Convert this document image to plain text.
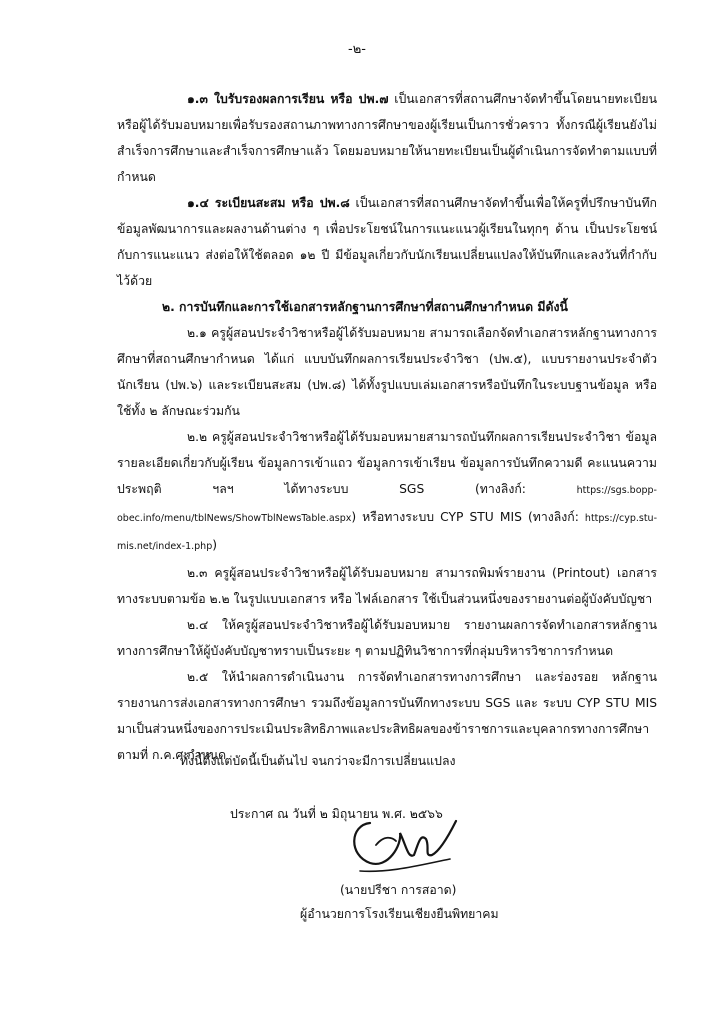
-๒-

๑.๓ ใบรับรองผลการเรียน หรือ ปพ.๗ เป็นเอกสารที่สถานศึกษาจัดทำขึ้นโดยนายทะเบียน หรือผู้ได้รับมอบหมายเพื่อรับรองสถานภาพทางการศึกษาของผู้เรียนเป็นการชั่วคราว ทั้งกรณีผู้เรียนยังไม่สำเร็จการศึกษาและสำเร็จการศึกษาแล้ว โดยมอบหมายให้นายทะเบียนเป็นผู้ดำเนินการจัดทำตามแบบที่กำหนด

๑.๔ ระเบียนสะสม หรือ ปพ.๘ เป็นเอกสารที่สถานศึกษาจัดทำขึ้นเพื่อให้ครูที่ปรึกษาบันทึกข้อมูลพัฒนาการและผลงานด้านต่าง ๆ เพื่อประโยชน์ในการแนะแนวผู้เรียนในทุกๆ ด้าน เป็นประโยชน์กับการแนะแนว ส่งต่อให้ใช้ตลอด ๑๒ ปี มีข้อมูลเกี่ยวกับนักเรียนเปลี่ยนแปลงให้บันทึกและลงวันที่กำกับไว้ด้วย

๒. การบันทึกและการใช้เอกสารหลักฐานการศึกษาที่สถานศึกษากำหนด มีดังนี้

๒.๑ ครูผู้สอนประจำวิชาหรือผู้ได้รับมอบหมาย สามารถเลือกจัดทำเอกสารหลักฐานทางการศึกษาที่สถานศึกษากำหนด ได้แก่ แบบบันทึกผลการเรียนประจำวิชา (ปพ.๕), แบบรายงานประจำตัวนักเรียน (ปพ.๖) และระเบียนสะสม (ปพ.๘) ได้ทั้งรูปแบบเล่มเอกสารหรือบันทึกในระบบฐานข้อมูล หรือใช้ทั้ง ๒ ลักษณะร่วมกัน

๒.๒ ครูผู้สอนประจำวิชาหรือผู้ได้รับมอบหมายสามารถบันทึกผลการเรียนประจำวิชา ข้อมูลรายละเอียดเกี่ยวกับผู้เรียน ข้อมูลการเข้าแถว ข้อมูลการเข้าเรียน ข้อมูลการบันทึกความดี คะแนนความประพฤติ ฯลฯ ได้ทางระบบ SGS (ทางลิงก์: https://sgs.bopp-obec.info/menu/tblNews/ShowTblNewsTable.aspx) หรือทางระบบ CYP STU MIS (ทางลิงก์: https://cyp.stu-mis.net/index-1.php)

๒.๓ ครูผู้สอนประจำวิชาหรือผู้ได้รับมอบหมาย สามารถพิมพ์รายงาน (Printout) เอกสารทางระบบตามข้อ ๒.๒ ในรูปแบบเอกสาร หรือ ไฟล์เอกสาร ใช้เป็นส่วนหนึ่งของรายงานต่อผู้บังคับบัญชา

๒.๔ ให้ครูผู้สอนประจำวิชาหรือผู้ได้รับมอบหมาย รายงานผลการจัดทำเอกสารหลักฐานทางการศึกษาให้ผู้บังคับบัญชาทราบเป็นระยะ ๆ ตามปฏิทินวิชาการที่กลุ่มบริหารวิชาการกำหนด

๒.๕ ให้นำผลการดำเนินงาน การจัดทำเอกสารทางการศึกษา และร่องรอย หลักฐานรายงานการส่งเอกสารทางการศึกษา รวมถึงข้อมูลการบันทึกทางระบบ SGS และ ระบบ CYP STU MIS มาเป็นส่วนหนึ่งของการประเมินประสิทธิภาพและประสิทธิผลของข้าราชการและบุคลากรทางการศึกษาตามที่ ก.ค.ศ.กำหนด

ทั้งนี้ตั้งแต่บัดนี้เป็นต้นไป จนกว่าจะมีการเปลี่ยนแปลง
ประกาศ ณ วันที่ ๒ มิถุนายน พ.ศ. ๒๕๖๖
(นายปรีชา การสอาด)
ผู้อำนวยการโรงเรียนเชียงยืนพิทยาคม
